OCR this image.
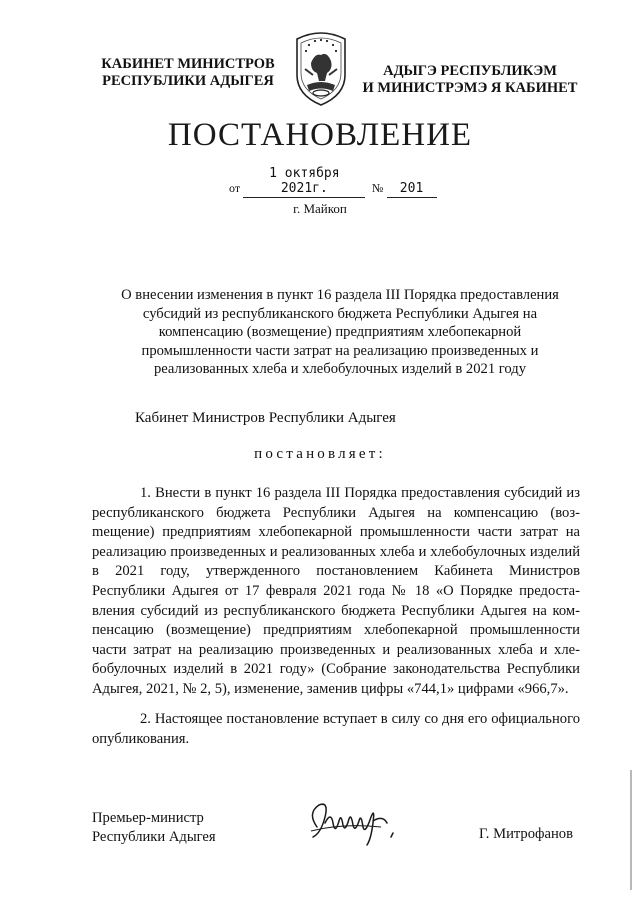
КАБИНЕТ МИНИСТРОВ
РЕСПУБЛИКИ АДЫГЕЯ
АДЫГЭ РЕСПУБЛИКЭМ
И МИНИСТРЭМЭ Я КАБИНЕТ
ПОСТАНОВЛЕНИЕ
от 1 октября 2021г.	№ 201
г. Майкоп
О внесении изменения в пункт 16 раздела III Порядка предоставления
субсидий из республиканского бюджета Республики Адыгея на
компенсацию (возмещение) предприятиям хлебопекарной
промышленности части затрат на реализацию произведенных и
реализованных хлеба и хлебобулочных изделий в 2021 году
Кабинет Министров Республики Адыгея
постановляет:
1. Внести в пункт 16 раздела III Порядка предоставления субсидий из республиканского бюджета Республики Адыгея на компенсацию (возmещение) предприятиям хлебопекарной промышленности части затрат на реализацию произведенных и реализованных хлеба и хлебобулочных изделий в 2021 году, утвержденного постановлением Кабинета Министров Республики Адыгея от 17 февраля 2021 года № 18 «О Порядке предоставления субсидий из республиканского бюджета Республики Адыгея на компенсацию (возмещение) предприятиям хлебопекарной промышленности части затрат на реализацию произведенных и реализованных хлеба и хлебобулочных изделий в 2021 году» (Собрание законодательства Республики Адыгея, 2021, № 2, 5), изменение, заменив цифры «744,1» цифрами «966,7».
2. Настоящее постановление вступает в силу со дня его официального опубликования.
Премьер-министр
Республики Адыгея	Г. Митрофанов
